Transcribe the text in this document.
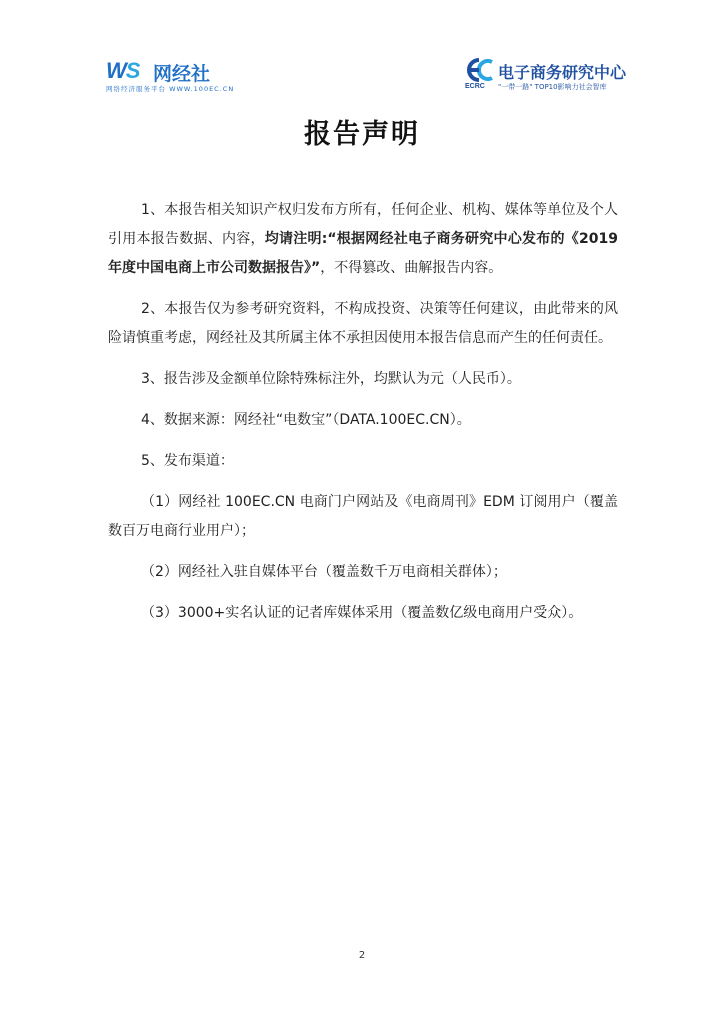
WS 网经社
网络经济服务平台 WWW.100EC.CN	ECRC
电子商务研究中心
"一带一路" TOP10影响力社会智库
报告声明

1、本报告相关知识产权归发布方所有，任何企业、机构、媒体等单位及个人引用本报告数据、内容，均请注明:“根据网经社电子商务研究中心发布的《2019年度中国电商上市公司数据报告》”，不得篡改、曲解报告内容。

2、本报告仅为参考研究资料，不构成投资、决策等任何建议，由此带来的风险请慎重考虑，网经社及其所属主体不承担因使用本报告信息而产生的任何责任。

3、报告涉及金额单位除特殊标注外，均默认为元（人民币）。

4、数据来源：网经社“电数宝”（DATA.100EC.CN）。

5、发布渠道：

（1）网经社 100EC.CN 电商门户网站及《电商周刊》EDM 订阅用户（覆盖数百万电商行业用户）；

（2）网经社入驻自媒体平台（覆盖数千万电商相关群体）；

（3）3000+实名认证的记者库媒体采用（覆盖数亿级电商用户受众）。

2
